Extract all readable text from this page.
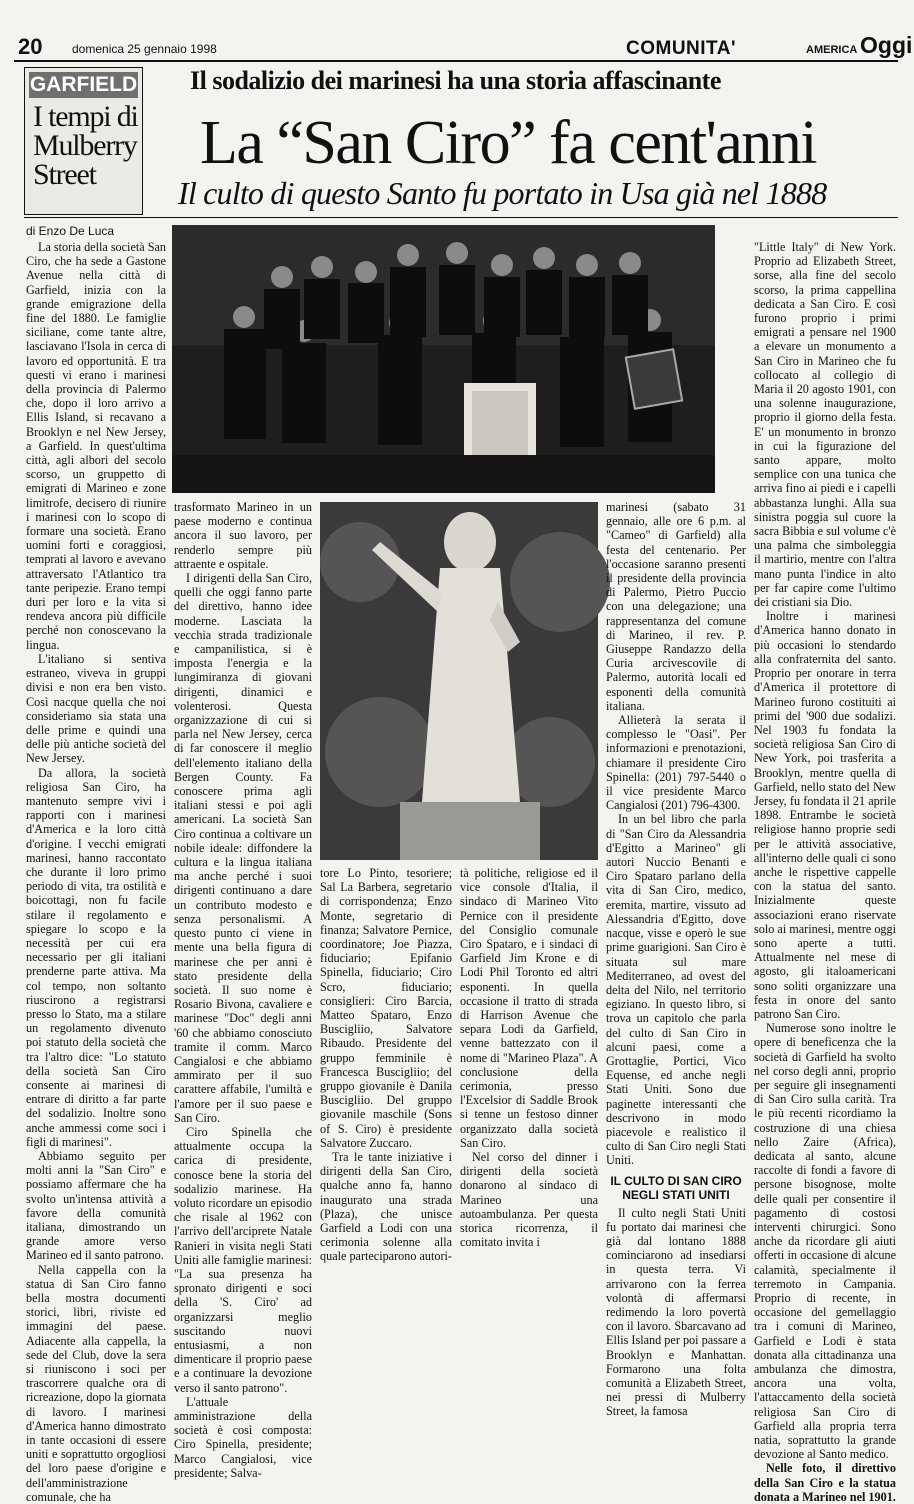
20 domenica 25 gennaio 1998	COMUNITA'	AMERICA Oggi
GARFIELD
I tempi di Mulberry Street
Il sodalizio dei marinesi ha una storia affascinante
La “San Ciro” fa cent'anni
Il culto di questo Santo fu portato in Usa già nel 1888
di Enzo De Luca

La storia della società San Ciro, che ha sede a Gastone Avenue nella città di Garfield, inizia con la grande emigrazione della fine del 1880. Le famiglie siciliane, come tante altre, lasciavano l'Isola in cerca di lavoro ed opportunità. E tra questi vi erano i marinesi della provincia di Palermo che, dopo il loro arrivo a Ellis Island, si recavano a Brooklyn e nel New Jersey, a Garfield. In quest'ultima città, agli albori del secolo scorso, un gruppetto di emigrati di Marineo e zone limitrofe, decisero di riunire i marinesi con lo scopo di formare una società. Erano uomini forti e coraggiosi, temprati al lavoro e avevano attraversato l'Atlantico tra tante peripezie. Erano tempi duri per loro e la vita si rendeva ancora più difficile perché non conoscevano la lingua.

L'italiano si sentiva estraneo, viveva in gruppi divisi e non era ben visto. Così nacque quella che noi consideriamo sia stata una delle prime e quindi una delle più antiche società del New Jersey.

Da allora, la società religiosa San Ciro, ha mantenuto sempre vivi i rapporti con i marinesi d'America e la loro città d'origine. I vecchi emigrati marinesi, hanno raccontato che durante il loro primo periodo di vita, tra ostilità e boicottagi, non fu facile stilare il regolamento e spiegare lo scopo e la necessità per cui era necessario per gli italiani prenderne parte attiva. Ma col tempo, non soltanto riuscirono a registrarsi presso lo Stato, ma a stilare un regolamento divenuto poi statuto della società che tra l'altro dice: "Lo statuto della società San Ciro consente ai marinesi di entrare di diritto a far parte del sodalizio. Inoltre sono anche ammessi come soci i figli di marinesi".

Abbiamo seguito per molti anni la "San Ciro" e possiamo affermare che ha svolto un'intensa attività a favore della comunità italiana, dimostrando un grande amore verso Marineo ed il santo patrono.

Nella cappella con la statua di San Ciro fanno bella mostra documenti storici, libri, riviste ed immagini del paese. Adiacente alla cappella, la sede del Club, dove la sera si riuniscono i soci per trascorrere qualche ora di ricreazione, dopo la giornata di lavoro. I marinesi d'America hanno dimostrato in tante occasioni di essere uniti e soprattutto orgogliosi del loro paese d'origine e dell'amministrazione comunale, che ha

trasformato Marineo in un paese moderno e continua ancora il suo lavoro, per renderlo sempre più attraente e ospitale.

I dirigenti della San Ciro, quelli che oggi fanno parte del direttivo, hanno idee moderne. Lasciata la vecchia strada tradizionale e campanilistica, si è imposta l'energia e la lungimiranza di giovani dirigenti, dinamici e volenterosi. Questa organizzazione di cui si parla nel New Jersey, cerca di far conoscere il meglio dell'elemento italiano della Bergen County. Fa conoscere prima agli italiani stessi e poi agli americani. La società San Ciro continua a coltivare un nobile ideale: diffondere la cultura e la lingua italiana ma anche perché i suoi dirigenti continuano a dare un contributo modesto e senza personalismi. A questo punto ci viene in mente una bella figura di marinese che per anni è stato presidente della società. Il suo nome è Rosario Bivona, cavaliere e marinese "Doc" degli anni '60 che abbiamo conosciuto tramite il comm. Marco Cangialosi e che abbiamo ammirato per il suo carattere affabile, l'umiltà e l'amore per il suo paese e San Ciro.

Ciro Spinella che attualmente occupa la carica di presidente, conosce bene la storia del sodalizio marinese. Ha voluto ricordare un episodio che risale al 1962 con l'arrivo dell'arciprete Natale Ranieri in visita negli Stati Uniti alle famiglie marinesi: "La sua presenza ha spronato dirigenti e soci della 'S. Ciro' ad organizzarsi meglio suscitando nuovi entusiasmi, a non dimenticare il proprio paese e a continuare la devozione verso il santo patrono".

L'attuale amministrazione della società è così composta: Ciro Spinella, presidente; Marco Cangialosi, vice presidente; Salva-

tore Lo Pinto, tesoriere; Sal La Barbera, segretario di corrispondenza; Enzo Monte, segretario di finanza; Salvatore Pernice, coordinatore; Joe Piazza, fiduciario; Epifanio Spinella, fiduciario; Ciro Scro, fiduciario; consiglieri: Ciro Barcia, Matteo Spataro, Enzo Buscigliio, Salvatore Ribaudo. Presidente del gruppo femminile è Francesca Buscigliio; del gruppo giovanile è Danila Buscigliio. Del gruppo giovanile maschile (Sons of S. Ciro) è presidente Salvatore Zuccaro.

Tra le tante iniziative i dirigenti della San Ciro, qualche anno fa, hanno inaugurato una strada (Plaza), che unisce Garfield a Lodi con una cerimonia solenne alla quale parteciparono autori-

tà politiche, religiose ed il vice console d'Italia, il sindaco di Marineo Vito Pernice con il presidente del Consiglio comunale Ciro Spataro, e i sindaci di Garfield Jim Krone e di Lodi Phil Toronto ed altri esponenti. In quella occasione il tratto di strada di Harrison Avenue che separa Lodi da Garfield, venne battezzato con il nome di "Marineo Plaza". A conclusione della cerimonia, presso l'Excelsior di Saddle Brook si tenne un festoso dinner organizzato dalla società San Ciro.

Nel corso del dinner i dirigenti della società donarono al sindaco di Marineo una autoambulanza. Per questa storica ricorrenza, il comitato invita i

marinesi (sabato 31 gennaio, alle ore 6 p.m. al "Cameo" di Garfield) alla festa del centenario. Per l'occasione saranno presenti il presidente della provincia di Palermo, Pietro Puccio con una delegazione; una rappresentanza del comune di Marineo, il rev. P. Giuseppe Randazzo della Curia arcivescovile di Palermo, autorità locali ed esponenti della comunità italiana.

Allieterà la serata il complesso le "Oasi". Per informazioni e prenotazioni, chiamare il presidente Ciro Spinella: (201) 797-5440 o il vice presidente Marco Cangialosi (201) 796-4300.

In un bel libro che parla di "San Ciro da Alessandria d'Egitto a Marineo" gli autori Nuccio Benanti e Ciro Spataro parlano della vita di San Ciro, medico, eremita, martire, vissuto ad Alessandria d'Egitto, dove nacque, visse e operò le sue prime guarigioni. San Ciro è situata sul mare Mediterraneo, ad ovest del delta del Nilo, nel territorio egiziano. In questo libro, si trova un capitolo che parla del culto di San Ciro in alcuni paesi, come a Grottaglie, Portici, Vico Equense, ed anche negli Stati Uniti. Sono due paginette interessanti che descrivono in modo piacevole e realistico il culto di San Ciro negli Stati Uniti.

IL CULTO DI SAN CIRO NEGLI STATI UNITI

Il culto negli Stati Uniti fu portato dai marinesi che già dal lontano 1888 cominciarono ad insediarsi in questa terra. Vi arrivarono con la ferrea volontà di affermarsi redimendo la loro povertà con il lavoro. Sbarcavano ad Ellis Island per poi passare a Brooklyn e Manhattan. Formarono una folta comunità a Elizabeth Street, nei pressi di Mulberry Street, la famosa

"Little Italy" di New York. Proprio ad Elizabeth Street, sorse, alla fine del secolo scorso, la prima cappellina dedicata a San Ciro. E così furono proprio i primi emigrati a pensare nel 1900 a elevare un monumento a San Ciro in Marineo che fu collocato al collegio di Maria il 20 agosto 1901, con una solenne inaugurazione, proprio il giorno della festa. E' un monumento in bronzo in cui la figurazione del santo appare, molto semplice con una tunica che arriva fino ai piedi e i capelli abbastanza lunghi. Alla sua sinistra poggia sul cuore la sacra Bibbia e sul volume c'è una palma che simboleggia il martirio, mentre con l'altra mano punta l'indice in alto per far capire come l'ultimo dei cristiani sia Dio.

Inoltre i marinesi d'America hanno donato in più occasioni lo stendardo alla confraternita del santo. Proprio per onorare in terra d'America il protettore di Marineo furono costituiti ai primi del '900 due sodalizi. Nel 1903 fu fondata la società religiosa San Ciro di New York, poi trasferita a Brooklyn, mentre quella di Garfield, nello stato del New Jersey, fu fondata il 21 aprile 1898. Entrambe le società religiose hanno proprie sedi per le attività associative, all'interno delle quali ci sono anche le rispettive cappelle con la statua del santo. Inizialmente queste associazioni erano riservate solo ai marinesi, mentre oggi sono aperte a tutti. Attualmente nel mese di agosto, gli italoamericani sono soliti organizzare una festa in onore del santo patrono San Ciro.

Numerose sono inoltre le opere di beneficenza che la società di Garfield ha svolto nel corso degli anni, proprio per seguire gli insegnamenti di San Ciro sulla carità. Tra le più recenti ricordiamo la costruzione di una chiesa nello Zaire (Africa), dedicata al santo, alcune raccolte di fondi a favore di persone bisognose, molte delle quali per consentire il pagamento di costosi interventi chirurgici. Sono anche da ricordare gli aiuti offerti in occasione di alcune calamità, specialmente il terremoto in Campania. Proprio di recente, in occasione del gemellaggio tra i comuni di Marineo, Garfield e Lodi è stata donata alla cittadinanza una ambulanza che dimostra, ancora una volta, l'attaccamento della società religiosa San Ciro di Garfield alla propria terra natia, soprattutto la grande devozione al Santo medico.

Nelle foto, il direttivo della San Ciro e la statua donata a Marineo nel 1901.
